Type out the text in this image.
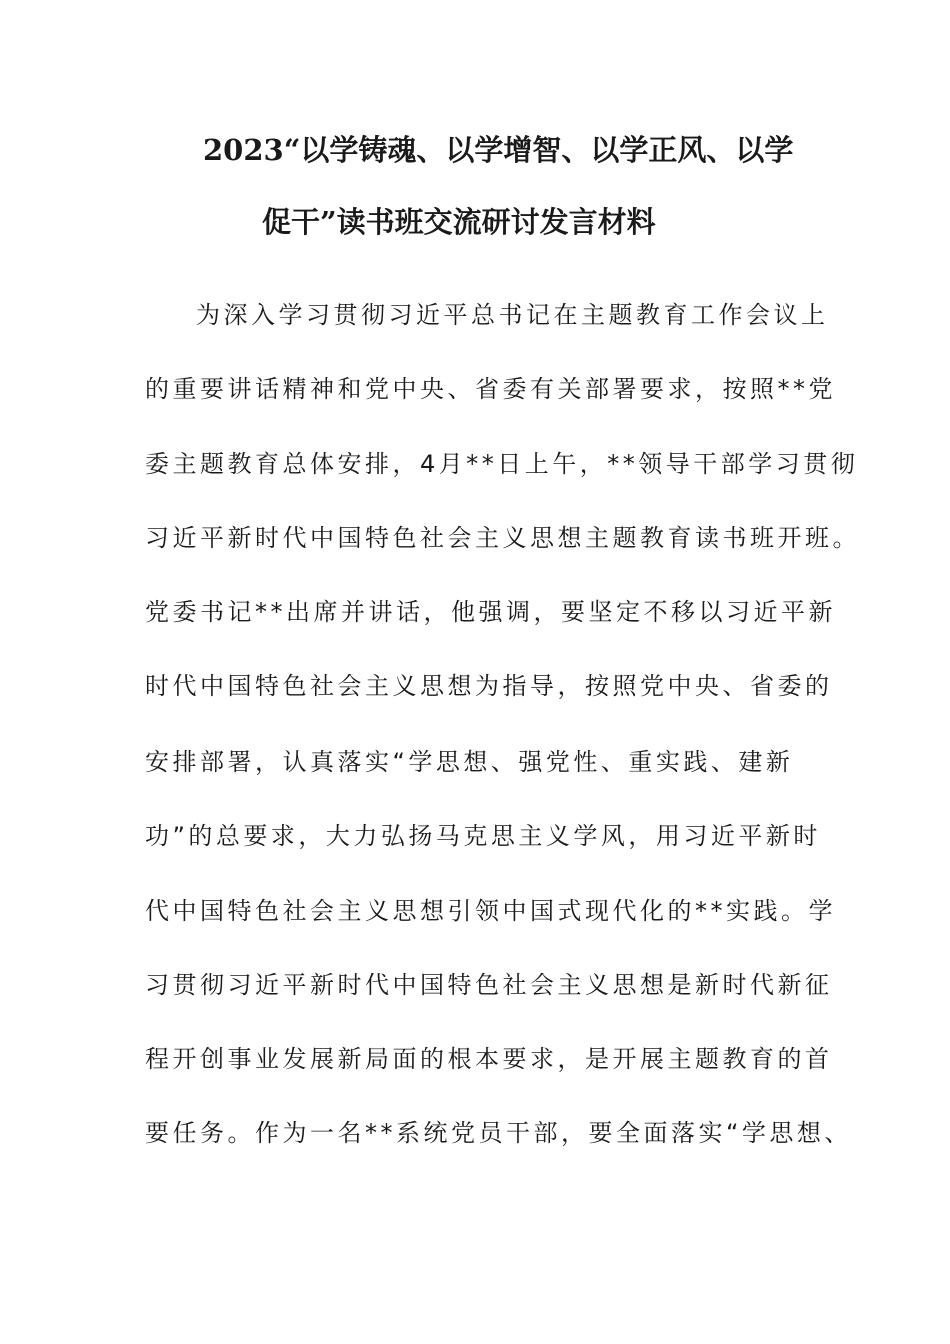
2023“以学铸魂、以学增智、以学正风、以学
促干”读书班交流研讨发言材料
为深入学习贯彻习近平总书记在主题教育工作会议上
的重要讲话精神和党中央、省委有关部署要求，按照**党
委主题教育总体安排，4月**日上午，**领导干部学习贯彻
习近平新时代中国特色社会主义思想主题教育读书班开班。
党委书记**出席并讲话，他强调，要坚定不移以习近平新
时代中国特色社会主义思想为指导，按照党中央、省委的
安排部署，认真落实“学思想、强党性、重实践、建新
功”的总要求，大力弘扬马克思主义学风，用习近平新时
代中国特色社会主义思想引领中国式现代化的**实践。学
习贯彻习近平新时代中国特色社会主义思想是新时代新征
程开创事业发展新局面的根本要求，是开展主题教育的首
要任务。作为一名**系统党员干部，要全面落实“学思想、
